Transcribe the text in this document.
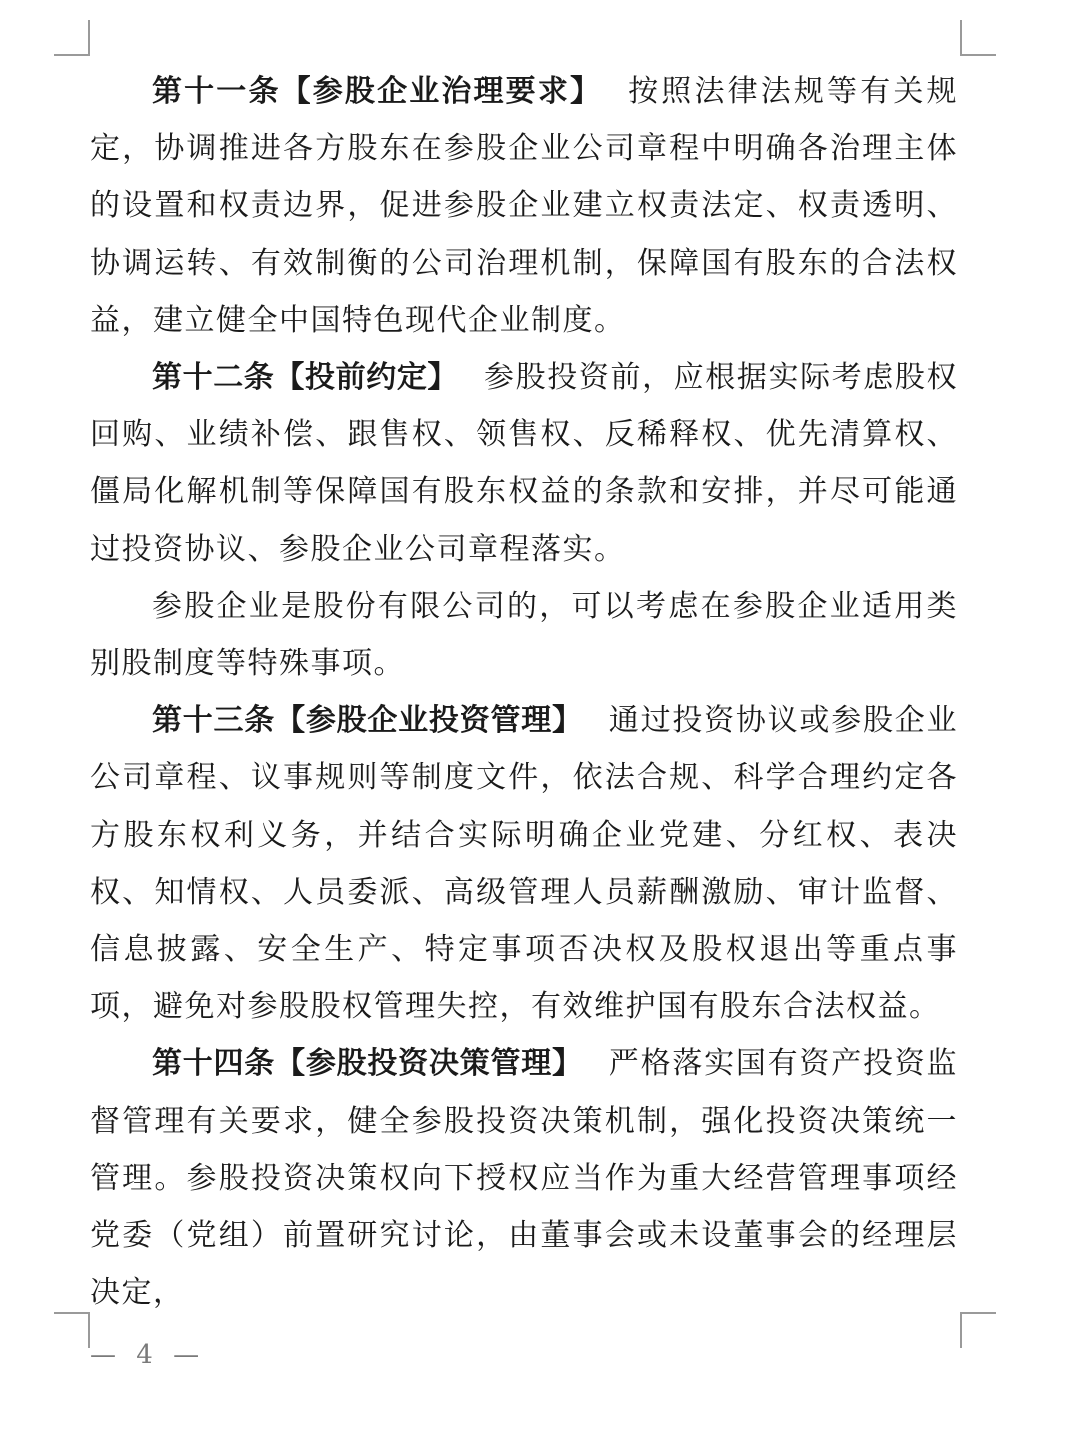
第十一条【参股企业治理要求】 按照法律法规等有关规定，协调推进各方股东在参股企业公司章程中明确各治理主体的设置和权责边界，促进参股企业建立权责法定、权责透明、协调运转、有效制衡的公司治理机制，保障国有股东的合法权益，建立健全中国特色现代企业制度。

第十二条【投前约定】 参股投资前，应根据实际考虑股权回购、业绩补偿、跟售权、领售权、反稀释权、优先清算权、僵局化解机制等保障国有股东权益的条款和安排，并尽可能通过投资协议、参股企业公司章程落实。

参股企业是股份有限公司的，可以考虑在参股企业适用类别股制度等特殊事项。

第十三条【参股企业投资管理】 通过投资协议或参股企业公司章程、议事规则等制度文件，依法合规、科学合理约定各方股东权利义务，并结合实际明确企业党建、分红权、表决权、知情权、人员委派、高级管理人员薪酬激励、审计监督、信息披露、安全生产、特定事项否决权及股权退出等重点事项，避免对参股股权管理失控，有效维护国有股东合法权益。

第十四条【参股投资决策管理】 严格落实国有资产投资监督管理有关要求，健全参股投资决策机制，强化投资决策统一管理。参股投资决策权向下授权应当作为重大经营管理事项经党委（党组）前置研究讨论，由董事会或未设董事会的经理层决定，

— 4 —
